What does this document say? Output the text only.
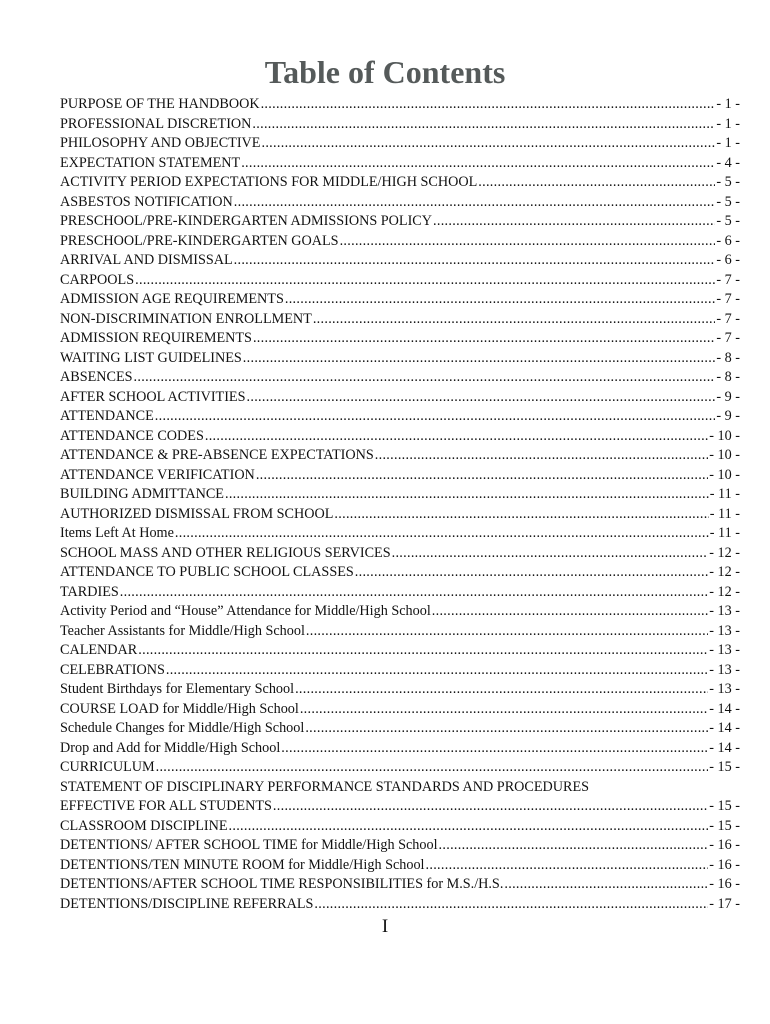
Table of Contents
PURPOSE OF THE HANDBOOK .....	- 1 -
PROFESSIONAL DISCRETION .....	- 1 -
PHILOSOPHY AND OBJECTIVE .....	- 1 -
EXPECTATION STATEMENT .....	- 4 -
ACTIVITY PERIOD EXPECTATIONS FOR MIDDLE/HIGH SCHOOL .....	- 5 -
ASBESTOS NOTIFICATION .....	- 5 -
PRESCHOOL/PRE-KINDERGARTEN ADMISSIONS POLICY .....	- 5 -
PRESCHOOL/PRE-KINDERGARTEN GOALS .....	- 6 -
ARRIVAL AND DISMISSAL .....	- 6 -
CARPOOLS .....	- 7 -
ADMISSION AGE REQUIREMENTS .....	- 7 -
NON-DISCRIMINATION ENROLLMENT .....	- 7 -
ADMISSION REQUIREMENTS .....	- 7 -
WAITING LIST GUIDELINES .....	- 8 -
ABSENCES .....	- 8 -
AFTER SCHOOL ACTIVITIES .....	- 9 -
ATTENDANCE .....	- 9 -
ATTENDANCE CODES .....	- 10 -
ATTENDANCE & PRE-ABSENCE EXPECTATIONS .....	- 10 -
ATTENDANCE VERIFICATION .....	- 10 -
BUILDING ADMITTANCE .....	- 11 -
AUTHORIZED DISMISSAL FROM SCHOOL .....	- 11 -
Items Left At Home .....	- 11 -
SCHOOL MASS AND OTHER RELIGIOUS SERVICES .....	- 12 -
ATTENDANCE TO PUBLIC SCHOOL CLASSES .....	- 12 -
TARDIES .....	- 12 -
Activity Period and “House” Attendance for Middle/High School .....	- 13 -
Teacher Assistants for Middle/High School .....	- 13 -
CALENDAR .....	- 13 -
CELEBRATIONS .....	- 13 -
Student Birthdays for Elementary School .....	- 13 -
COURSE LOAD for Middle/High School .....	- 14 -
Schedule Changes for Middle/High School .....	- 14 -
Drop and Add for Middle/High School .....	- 14 -
CURRICULUM .....	- 15 -
STATEMENT OF DISCIPLINARY PERFORMANCE STANDARDS AND PROCEDURES
EFFECTIVE FOR ALL STUDENTS .....	- 15 -
CLASSROOM DISCIPLINE .....	- 15 -
DETENTIONS/ AFTER SCHOOL TIME for Middle/High School .....	- 16 -
DETENTIONS/TEN MINUTE ROOM for Middle/High School .....	- 16 -
DETENTIONS/AFTER SCHOOL TIME RESPONSIBILITIES for M.S./H.S. .....	- 16 -
DETENTIONS/DISCIPLINE REFERRALS .....	- 17 -
I
